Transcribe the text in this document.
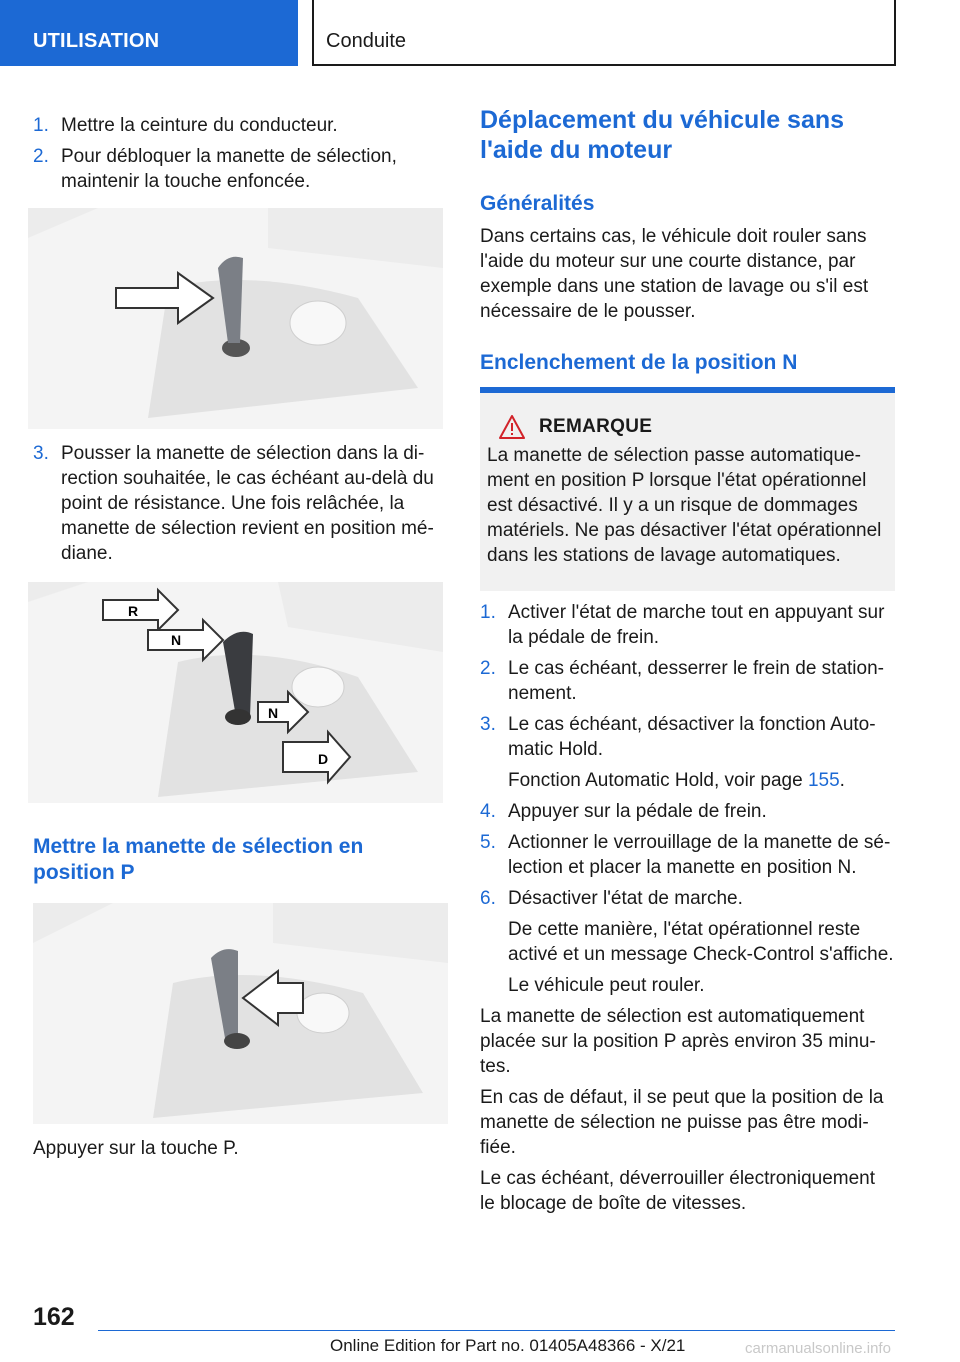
UTILISATION	Conduite
1. Mettre la ceinture du conducteur.
2. Pour débloquer la manette de sélection, maintenir la touche enfoncée.
3. Pousser la manette de sélection dans la direction souhaitée, le cas échéant au-delà du point de résistance. Une fois relâchée, la manette de sélection revient en position médiane.
R
N
N
D
Mettre la manette de sélection en position P

Appuyer sur la touche P.

Déplacement du véhicule sans l'aide du moteur
Généralités

Dans certains cas, le véhicule doit rouler sans l'aide du moteur sur une courte distance, par exemple dans une station de lavage ou s'il est nécessaire de le pousser.

Enclenchement de la position N
REMARQUE

La manette de sélection passe automatiquement en position P lorsque l'état opérationnel est désactivé. Il y a un risque de dommages matériels. Ne pas désactiver l'état opérationnel dans les stations de lavage automatiques.

1. Activer l'état de marche tout en appuyant sur la pédale de frein.
2. Le cas échéant, desserrer le frein de stationnement.
3. Le cas échéant, désactiver la fonction Automatic Hold.

Fonction Automatic Hold, voir page 155.

4. Appuyer sur la pédale de frein.
5. Actionner le verrouillage de la manette de sélection et placer la manette en position N.
6. Désactiver l'état de marche.

De cette manière, l'état opérationnel reste activé et un message Check-Control s'affiche.

Le véhicule peut rouler.

La manette de sélection est automatiquement placée sur la position P après environ 35 minutes.

En cas de défaut, il se peut que la position de la manette de sélection ne puisse pas être modifiée.

Le cas échéant, déverrouiller électroniquement le blocage de boîte de vitesses.

162
Online Edition for Part no. 01405A48366 - X/21	carmanualsonline.info
